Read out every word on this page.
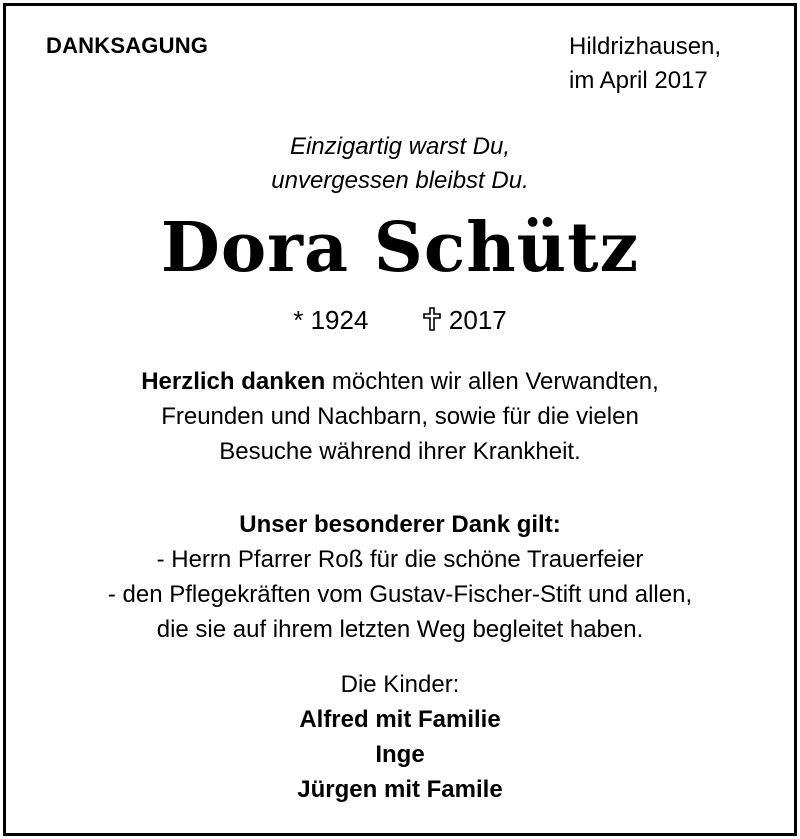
DANKSAGUNG	Hildrizhausen,
im April 2017
Einzigartig warst Du,
unvergessen bleibst Du.
Dora Schütz
* 1924	2017
Herzlich danken möchten wir allen Verwandten,
Freunden und Nachbarn, sowie für die vielen
Besuche während ihrer Krankheit.
Unser besonderer Dank gilt:
- Herrn Pfarrer Roß für die schöne Trauerfeier
- den Pflegekräften vom Gustav-Fischer-Stift und allen,
die sie auf ihrem letzten Weg begleitet haben.
Die Kinder:
Alfred mit Familie
Inge
Jürgen mit Famile
